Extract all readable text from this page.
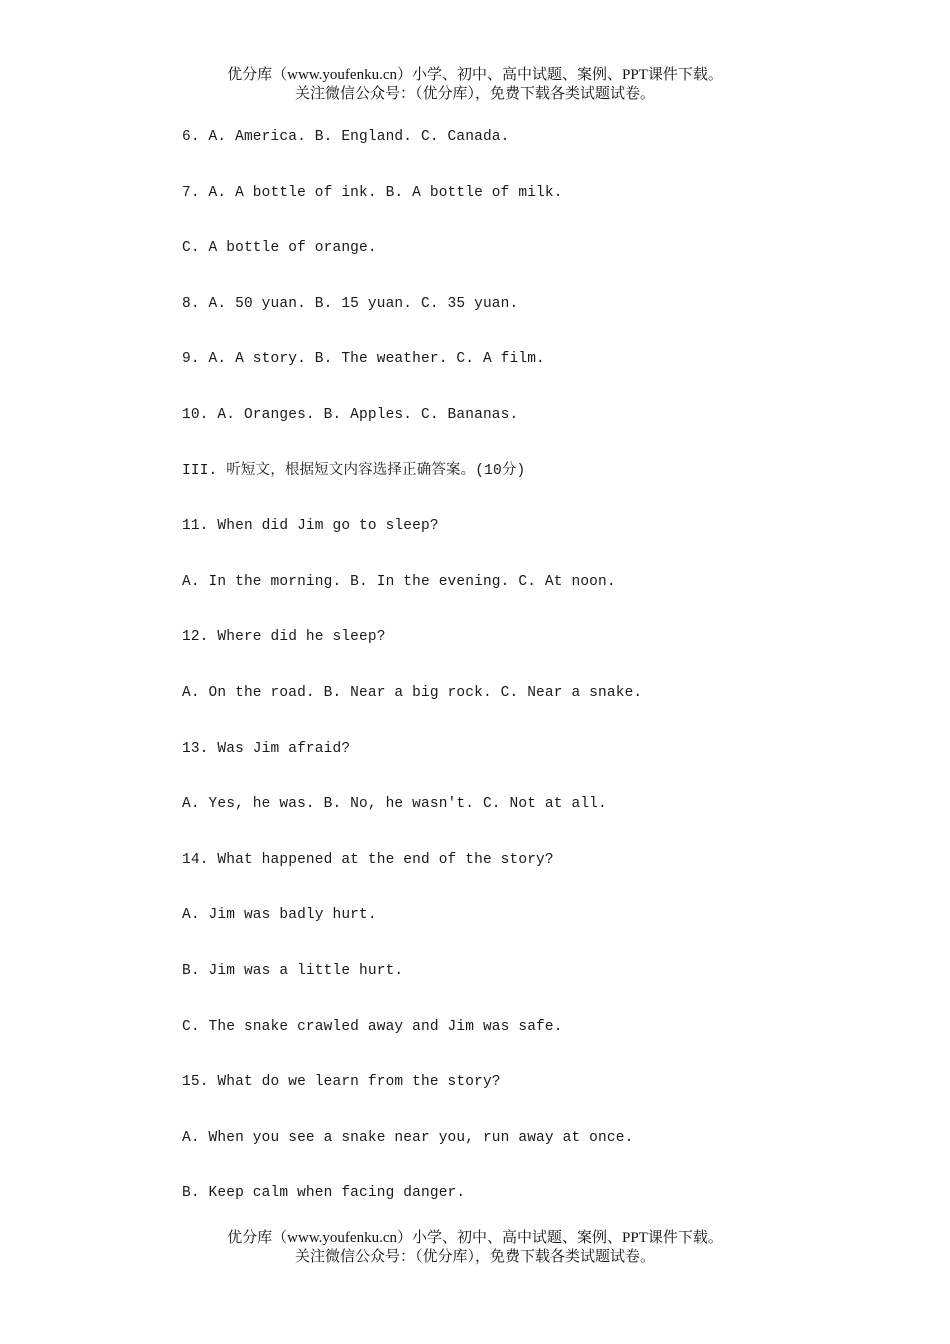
优分库（www.youfenku.cn）小学、初中、高中试题、案例、PPT课件下载。
关注微信公众号：（优分库），免费下载各类试题试卷。
6. A. America. B. England. C. Canada.
7. A. A bottle of ink. B. A bottle of milk.
C. A bottle of orange.
8. A. 50 yuan. B. 15 yuan. C. 35 yuan.
9. A. A story. B. The weather. C. A film.
10. A. Oranges. B. Apples. C. Bananas.
III. 听短文，根据短文内容选择正确答案。(10分)
11. When did Jim go to sleep?
A. In the morning. B. In the evening. C. At noon.
12. Where did he sleep?
A. On the road. B. Near a big rock. C. Near a snake.
13. Was Jim afraid?
A. Yes, he was. B. No, he wasn't. C. Not at all.
14. What happened at the end of the story?
A. Jim was badly hurt.
B. Jim was a little hurt.
C. The snake crawled away and Jim was safe.
15. What do we learn from the story?
A. When you see a snake near you, run away at once.
B. Keep calm when facing danger.
优分库（www.youfenku.cn）小学、初中、高中试题、案例、PPT课件下载。
关注微信公众号：（优分库），免费下载各类试题试卷。
